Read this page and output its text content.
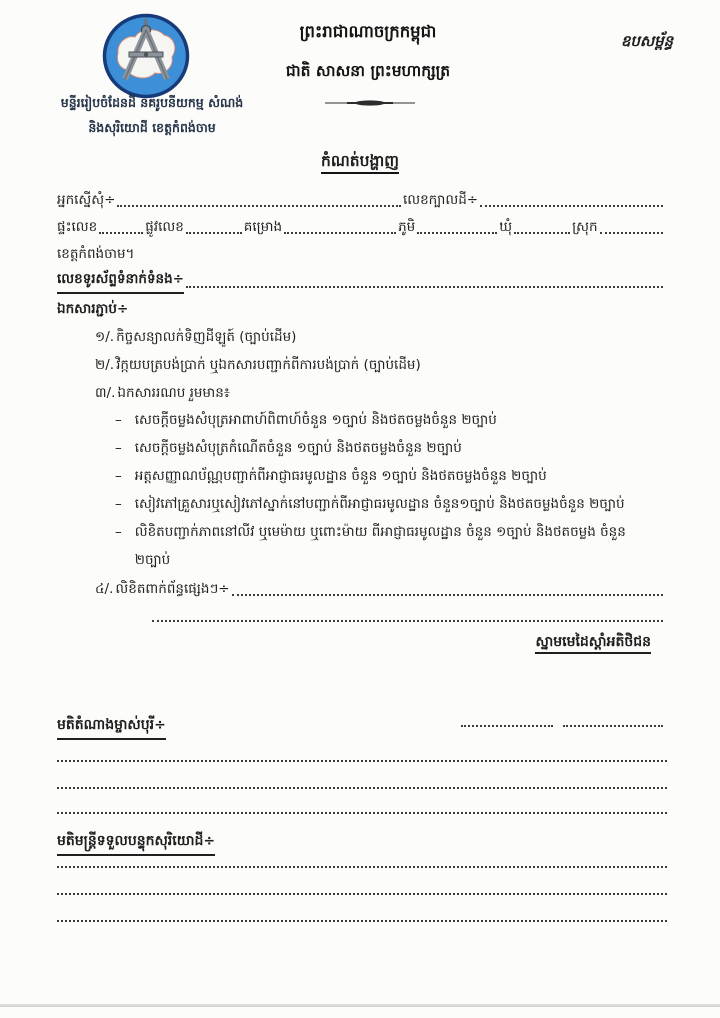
មន្ទីររៀបចំដែនដី នគរូបនីយកម្ម សំណង់
និងសុរិយោដី ខេត្តកំពង់ចាម
ព្រះរាជាណាចក្រកម្ពុជា
ជាតិ សាសនា ព្រះមហាក្សត្រ
ឧបសម្ព័ន្ធ
កំណត់បង្ហាញ
អ្នកស្នើសុំ÷	លេខក្បាលដី÷
ផ្ទះលេខ	ផ្លូវលេខ	គម្រោង	ភូមិ	ឃុំ	ស្រុក
ខេត្តកំពង់ចាម។
លេខទូរស័ព្ទទំនាក់ទំនង÷
ឯកសារភ្ជាប់÷
១/. កិច្ចសន្យាលក់ទិញដីឡូត៍ (ច្បាប់ដើម)
២/. វិក្កយបត្របង់ប្រាក់ ឬឯកសារបញ្ជាក់ពីការបង់ប្រាក់ (ច្បាប់ដើម)
៣/. ឯកសាររណប រួមមាន៖
– សេចក្តីចម្លងសំបុត្រអាពាហ៍ពិពាហ៍ចំនួន ១ច្បាប់ និងថតចម្លងចំនួន ២ច្បាប់
– សេចក្តីចម្លងសំបុត្រកំណើតចំនួន ១ច្បាប់ និងថតចម្លងចំនួន ២ច្បាប់
– អត្តសញ្ញាណប័ណ្ណបញ្ជាក់ពីអាជ្ញាធរមូលដ្ឋាន ចំនួន ១ច្បាប់ និងថតចម្លងចំនួន ២ច្បាប់
– សៀវភៅគ្រួសារឬសៀវភៅស្នាក់នៅបញ្ជាក់ពីអាជ្ញាធរមូលដ្ឋាន ចំនួន១ច្បាប់ និងថតចម្លងចំនួន ២ច្បាប់
– លិខិតបញ្ជាក់ភាពនៅលីវ ឬមេម៉ាយ ឬពោះម៉ាយ ពីអាជ្ញាធរមូលដ្ឋាន ចំនួន ១ច្បាប់ និងថតចម្លង ចំនួន ២ច្បាប់
៤/. លិខិតពាក់ព័ន្ធផ្សេងៗ÷
ស្នាមមេដៃស្តាំអតិថិជន
មតិតំណាងម្ចាស់បុរី÷
មតិមន្ត្រីទទួលបន្ទុកសុរិយោដី÷
